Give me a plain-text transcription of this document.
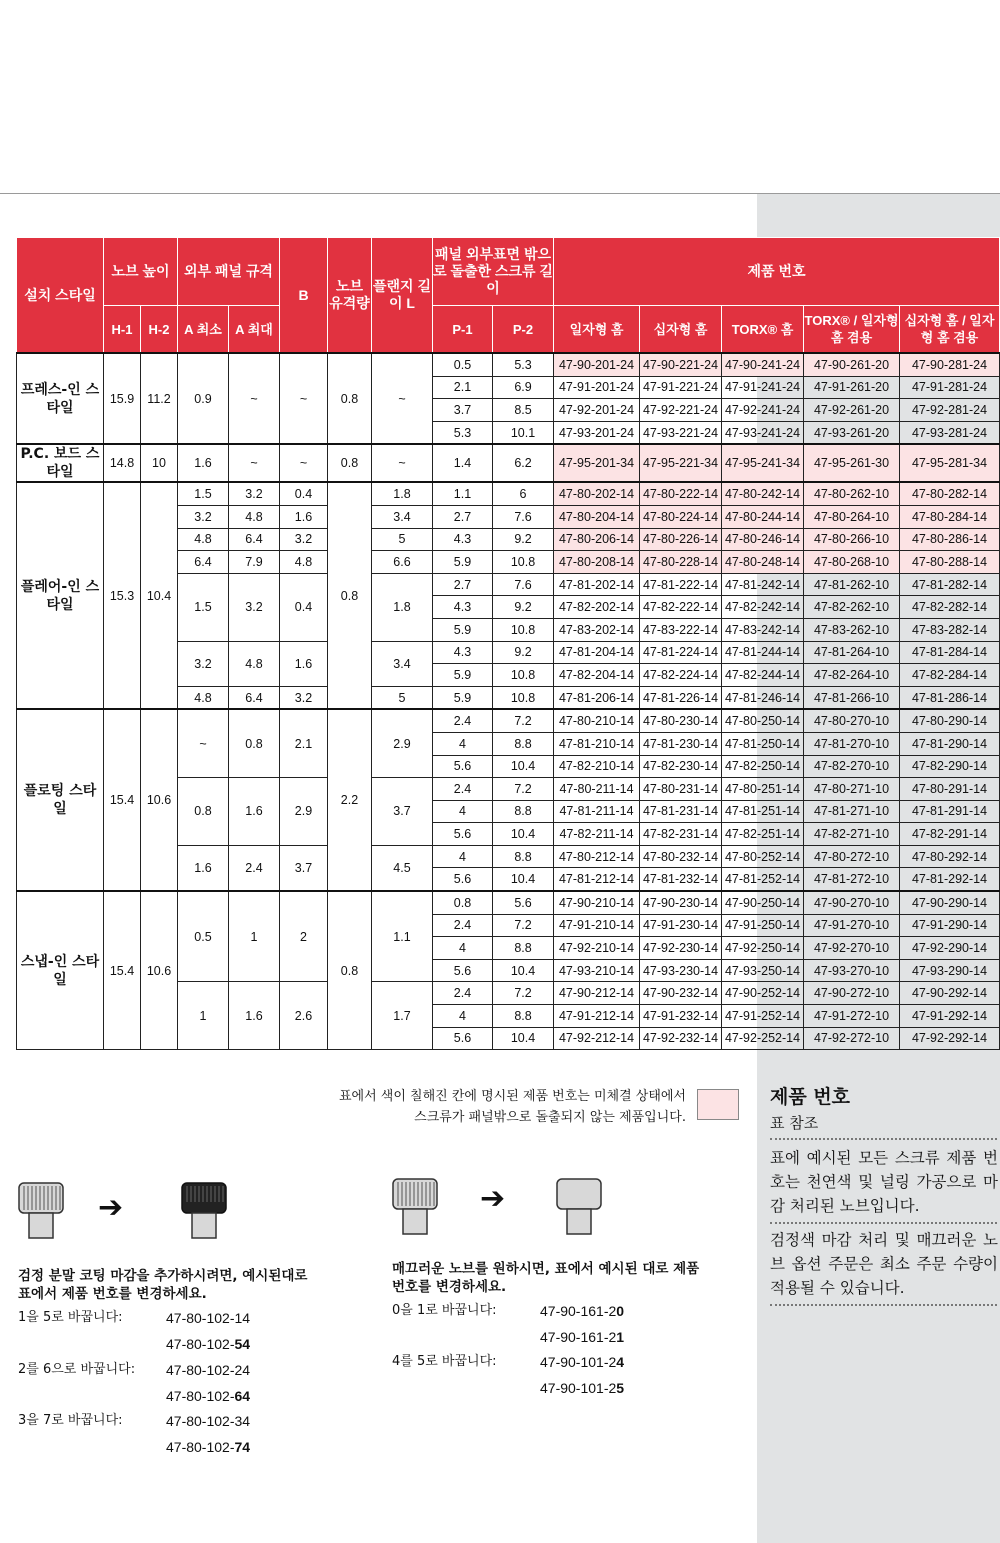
설치 스타일	노브 높이		외부 패널 규격		B	노브 유격량	플랜지 길이 L	패널 외부표면 밖으로 돌출한 스크류 길이		제품 번호				
	H-1	H-2	A 최소	A 최대				P-1	P-2	일자형 홈	십자형 홈	TORX® 홈	TORX® / 일자형 홈 겸용	십자형 홈 / 일자형 홈 겸용
프레스-인 스타일	15.9	11.2	0.9	~	~	0.8	~	0.5	5.3	47-90-201-24	47-90-221-24	47-90-241-24	47-90-261-20	47-90-281-24
								2.1	6.9	47-91-201-24	47-91-221-24	47-91-241-24	47-91-261-20	47-91-281-24
								3.7	8.5	47-92-201-24	47-92-221-24	47-92-241-24	47-92-261-20	47-92-281-24
								5.3	10.1	47-93-201-24	47-93-221-24	47-93-241-24	47-93-261-20	47-93-281-24
P.C. 보드 스타일	14.8	10	1.6	~	~	0.8	~	1.4	6.2	47-95-201-34	47-95-221-34	47-95-241-34	47-95-261-30	47-95-281-34
플레어-인 스타일	15.3	10.4	1.5	3.2	0.4	0.8	1.8	1.1	6	47-80-202-14	47-80-222-14	47-80-242-14	47-80-262-10	47-80-282-14
			3.2	4.8	1.6		3.4	2.7	7.6	47-80-204-14	47-80-224-14	47-80-244-14	47-80-264-10	47-80-284-14
			4.8	6.4	3.2		5	4.3	9.2	47-80-206-14	47-80-226-14	47-80-246-14	47-80-266-10	47-80-286-14
			6.4	7.9	4.8		6.6	5.9	10.8	47-80-208-14	47-80-228-14	47-80-248-14	47-80-268-10	47-80-288-14
			1.5	3.2	0.4		1.8	2.7	7.6	47-81-202-14	47-81-222-14	47-81-242-14	47-81-262-10	47-81-282-14
								4.3	9.2	47-82-202-14	47-82-222-14	47-82-242-14	47-82-262-10	47-82-282-14
								5.9	10.8	47-83-202-14	47-83-222-14	47-83-242-14	47-83-262-10	47-83-282-14
			3.2	4.8	1.6		3.4	4.3	9.2	47-81-204-14	47-81-224-14	47-81-244-14	47-81-264-10	47-81-284-14
								5.9	10.8	47-82-204-14	47-82-224-14	47-82-244-14	47-82-264-10	47-82-284-14
			4.8	6.4	3.2		5	5.9	10.8	47-81-206-14	47-81-226-14	47-81-246-14	47-81-266-10	47-81-286-14
플로팅 스타일	15.4	10.6	~	0.8	2.1	2.2	2.9	2.4	7.2	47-80-210-14	47-80-230-14	47-80-250-14	47-80-270-10	47-80-290-14
								4	8.8	47-81-210-14	47-81-230-14	47-81-250-14	47-81-270-10	47-81-290-14
								5.6	10.4	47-82-210-14	47-82-230-14	47-82-250-14	47-82-270-10	47-82-290-14
			0.8	1.6	2.9		3.7	2.4	7.2	47-80-211-14	47-80-231-14	47-80-251-14	47-80-271-10	47-80-291-14
								4	8.8	47-81-211-14	47-81-231-14	47-81-251-14	47-81-271-10	47-81-291-14
								5.6	10.4	47-82-211-14	47-82-231-14	47-82-251-14	47-82-271-10	47-82-291-14
			1.6	2.4	3.7		4.5	4	8.8	47-80-212-14	47-80-232-14	47-80-252-14	47-80-272-10	47-80-292-14
								5.6	10.4	47-81-212-14	47-81-232-14	47-81-252-14	47-81-272-10	47-81-292-14
스냅-인 스타일	15.4	10.6	0.5	1	2	0.8	1.1	0.8	5.6	47-90-210-14	47-90-230-14	47-90-250-14	47-90-270-10	47-90-290-14
								2.4	7.2	47-91-210-14	47-91-230-14	47-91-250-14	47-91-270-10	47-91-290-14
								4	8.8	47-92-210-14	47-92-230-14	47-92-250-14	47-92-270-10	47-92-290-14
								5.6	10.4	47-93-210-14	47-93-230-14	47-93-250-14	47-93-270-10	47-93-290-14
			1	1.6	2.6		1.7	2.4	7.2	47-90-212-14	47-90-232-14	47-90-252-14	47-90-272-10	47-90-292-14
								4	8.8	47-91-212-14	47-91-232-14	47-91-252-14	47-91-272-10	47-91-292-14
								5.6	10.4	47-92-212-14	47-92-232-14	47-92-252-14	47-92-272-10	47-92-292-14
표에서 색이 칠해진 칸에 명시된 제품 번호는 미체결 상태에서
스크류가 패널밖으로 돌출되지 않는 제품입니다.
➔	➔
검정 분말 코팅 마감을 추가하시려면, 예시된대로
표에서 제품 번호를 변경하세요.
1을 5로 바꿉니다:	47-80-102-14
47-80-102-54
2를 6으로 바꿉니다: 47-80-102-24
47-80-102-64
3을 7로 바꿉니다:	47-80-102-34
47-80-102-74
매끄러운 노브를 원하시면, 표에서 예시된 대로 제품
번호를 변경하세요.
0을 1로 바꿉니다:	47-90-161-20
47-90-161-21
4를 5로 바꿉니다:	47-90-101-24
47-90-101-25
제품 번호
표 참조
표에 예시된 모든 스크류 제품 번호는 천연색 및 널링 가공으로 마감 처리된 노브입니다.
검정색 마감 처리 및 매끄러운 노브 옵션 주문은 최소 주문 수량이 적용될 수 있습니다.
